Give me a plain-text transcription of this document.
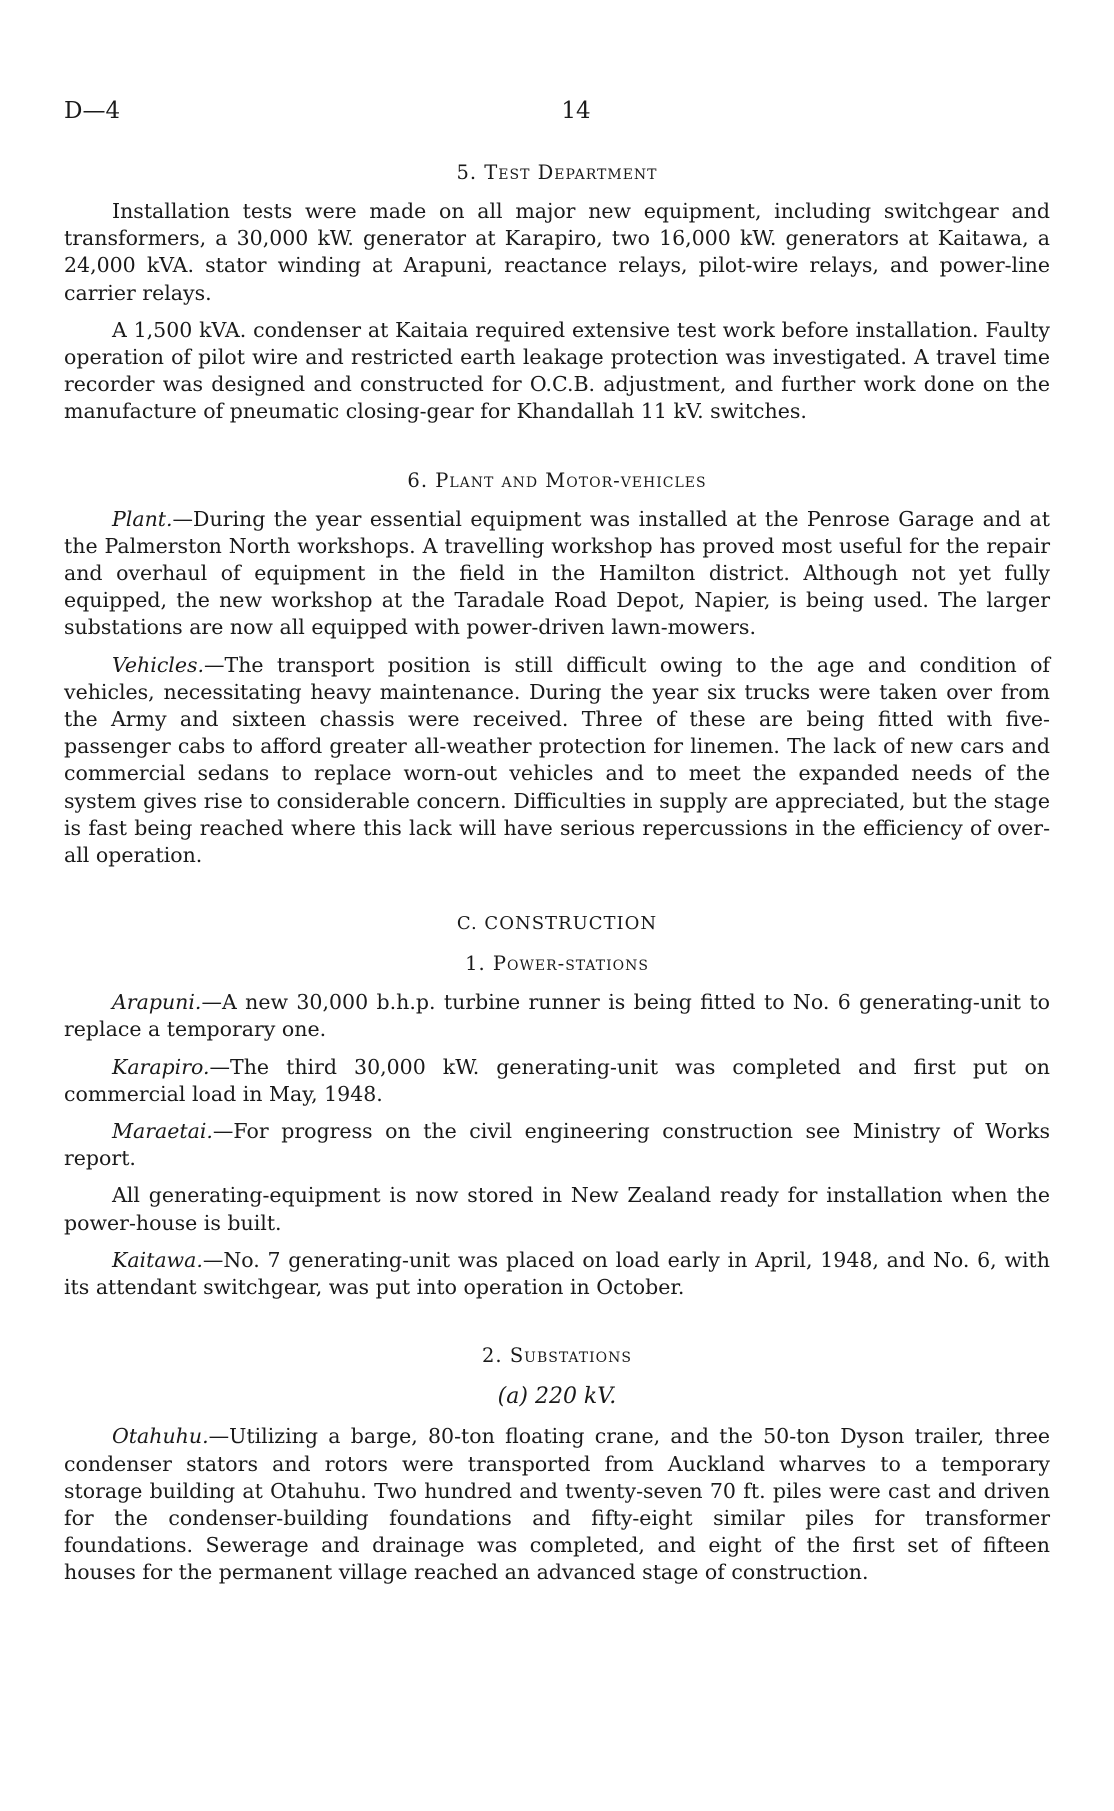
D—4	14
5. Test Department

Installation tests were made on all major new equipment, including switchgear and transformers, a 30,000 kW. generator at Karapiro, two 16,000 kW. generators at Kaitawa, a 24,000 kVA. stator winding at Arapuni, reactance relays, pilot-wire relays, and power-line carrier relays.

A 1,500 kVA. condenser at Kaitaia required extensive test work before installation. Faulty operation of pilot wire and restricted earth leakage protection was investigated. A travel time recorder was designed and constructed for O.C.B. adjustment, and further work done on the manufacture of pneumatic closing-gear for Khandallah 11 kV. switches.

6. Plant and Motor-vehicles

Plant.—During the year essential equipment was installed at the Penrose Garage and at the Palmerston North workshops. A travelling workshop has proved most useful for the repair and overhaul of equipment in the field in the Hamilton district. Although not yet fully equipped, the new workshop at the Taradale Road Depot, Napier, is being used. The larger substations are now all equipped with power-driven lawn-mowers.

Vehicles.—The transport position is still difficult owing to the age and condition of vehicles, necessitating heavy maintenance. During the year six trucks were taken over from the Army and sixteen chassis were received. Three of these are being fitted with five-passenger cabs to afford greater all-weather protection for linemen. The lack of new cars and commercial sedans to replace worn-out vehicles and to meet the expanded needs of the system gives rise to considerable concern. Difficulties in supply are appreciated, but the stage is fast being reached where this lack will have serious repercussions in the efficiency of over-all operation.

C. CONSTRUCTION
1. Power-stations

Arapuni.—A new 30,000 b.h.p. turbine runner is being fitted to No. 6 generating-unit to replace a temporary one.

Karapiro.—The third 30,000 kW. generating-unit was completed and first put on commercial load in May, 1948.

Maraetai.—For progress on the civil engineering construction see Ministry of Works report.

All generating-equipment is now stored in New Zealand ready for installation when the power-house is built.

Kaitawa.—No. 7 generating-unit was placed on load early in April, 1948, and No. 6, with its attendant switchgear, was put into operation in October.

2. Substations
(a) 220 kV.

Otahuhu.—Utilizing a barge, 80-ton floating crane, and the 50-ton Dyson trailer, three condenser stators and rotors were transported from Auckland wharves to a temporary storage building at Otahuhu. Two hundred and twenty-seven 70 ft. piles were cast and driven for the condenser-building foundations and fifty-eight similar piles for transformer foundations. Sewerage and drainage was completed, and eight of the first set of fifteen houses for the permanent village reached an advanced stage of construction.
